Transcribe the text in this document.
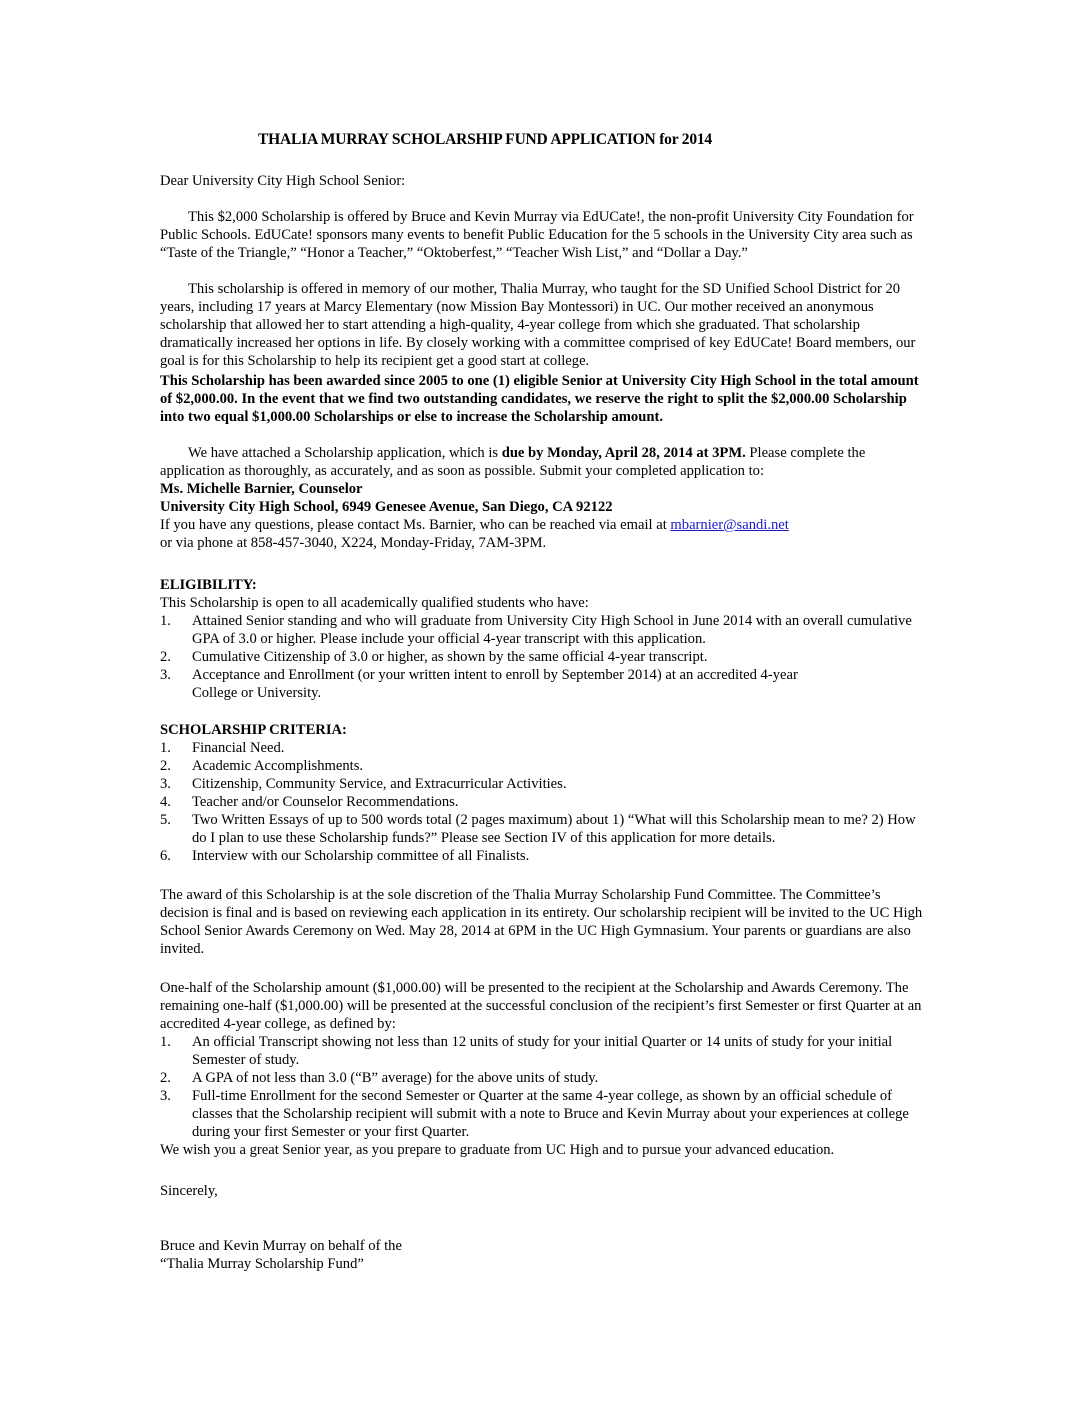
THALIA MURRAY SCHOLARSHIP FUND APPLICATION for 2014

Dear University City High School Senior:

This $2,000 Scholarship is offered by Bruce and Kevin Murray via EdUCate!, the non-profit University City Foundation for Public Schools. EdUCate! sponsors many events to benefit Public Education for the 5 schools in the University City area such as “Taste of the Triangle,” “Honor a Teacher,” “Oktoberfest,” “Teacher Wish List,” and “Dollar a Day.”

This scholarship is offered in memory of our mother, Thalia Murray, who taught for the SD Unified School District for 20 years, including 17 years at Marcy Elementary (now Mission Bay Montessori) in UC. Our mother received an anonymous scholarship that allowed her to start attending a high-quality, 4-year college from which she graduated. That scholarship dramatically increased her options in life. By closely working with a committee comprised of key EdUCate! Board members, our goal is for this Scholarship to help its recipient get a good start at college.

This Scholarship has been awarded since 2005 to one (1) eligible Senior at University City High School in the total amount of $2,000.00. In the event that we find two outstanding candidates, we reserve the right to split the $2,000.00 Scholarship into two equal $1,000.00 Scholarships or else to increase the Scholarship amount.

We have attached a Scholarship application, which is due by Monday, April 28, 2014 at 3PM. Please complete the application as thoroughly, as accurately, and as soon as possible. Submit your completed application to:

Ms. Michelle Barnier, Counselor

University City High School, 6949 Genesee Avenue, San Diego, CA 92122

If you have any questions, please contact Ms. Barnier, who can be reached via email at mbarnier@sandi.net

or via phone at 858-457-3040, X224, Monday-Friday, 7AM-3PM.

ELIGIBILITY:

This Scholarship is open to all academically qualified students who have:

1.	Attained Senior standing and who will graduate from University City High School in June 2014 with an overall cumulative GPA of 3.0 or higher. Please include your official 4-year transcript with this application.
2.	Cumulative Citizenship of 3.0 or higher, as shown by the same official 4-year transcript.
3.	Acceptance and Enrollment (or your written intent to enroll by September 2014) at an accredited 4-year College or University.

SCHOLARSHIP CRITERIA:

1.	Financial Need.
2.	Academic Accomplishments.
3.	Citizenship, Community Service, and Extracurricular Activities.
4.	Teacher and/or Counselor Recommendations.
5.	Two Written Essays of up to 500 words total (2 pages maximum) about 1) “What will this Scholarship mean to me? 2) How do I plan to use these Scholarship funds?” Please see Section IV of this application for more details.
6.	Interview with our Scholarship committee of all Finalists.

The award of this Scholarship is at the sole discretion of the Thalia Murray Scholarship Fund Committee. The Committee’s decision is final and is based on reviewing each application in its entirety. Our scholarship recipient will be invited to the UC High School Senior Awards Ceremony on Wed. May 28, 2014 at 6PM in the UC High Gymnasium. Your parents or guardians are also invited.

One-half of the Scholarship amount ($1,000.00) will be presented to the recipient at the Scholarship and Awards Ceremony. The remaining one-half ($1,000.00) will be presented at the successful conclusion of the recipient’s first Semester or first Quarter at an accredited 4-year college, as defined by:

1.	An official Transcript showing not less than 12 units of study for your initial Quarter or 14 units of study for your initial Semester of study.
2.	A GPA of not less than 3.0 (“B” average) for the above units of study.
3.	Full-time Enrollment for the second Semester or Quarter at the same 4-year college, as shown by an official schedule of classes that the Scholarship recipient will submit with a note to Bruce and Kevin Murray about your experiences at college during your first Semester or your first Quarter.

We wish you a great Senior year, as you prepare to graduate from UC High and to pursue your advanced education.

Sincerely,

Bruce and Kevin Murray on behalf of the

“Thalia Murray Scholarship Fund”
